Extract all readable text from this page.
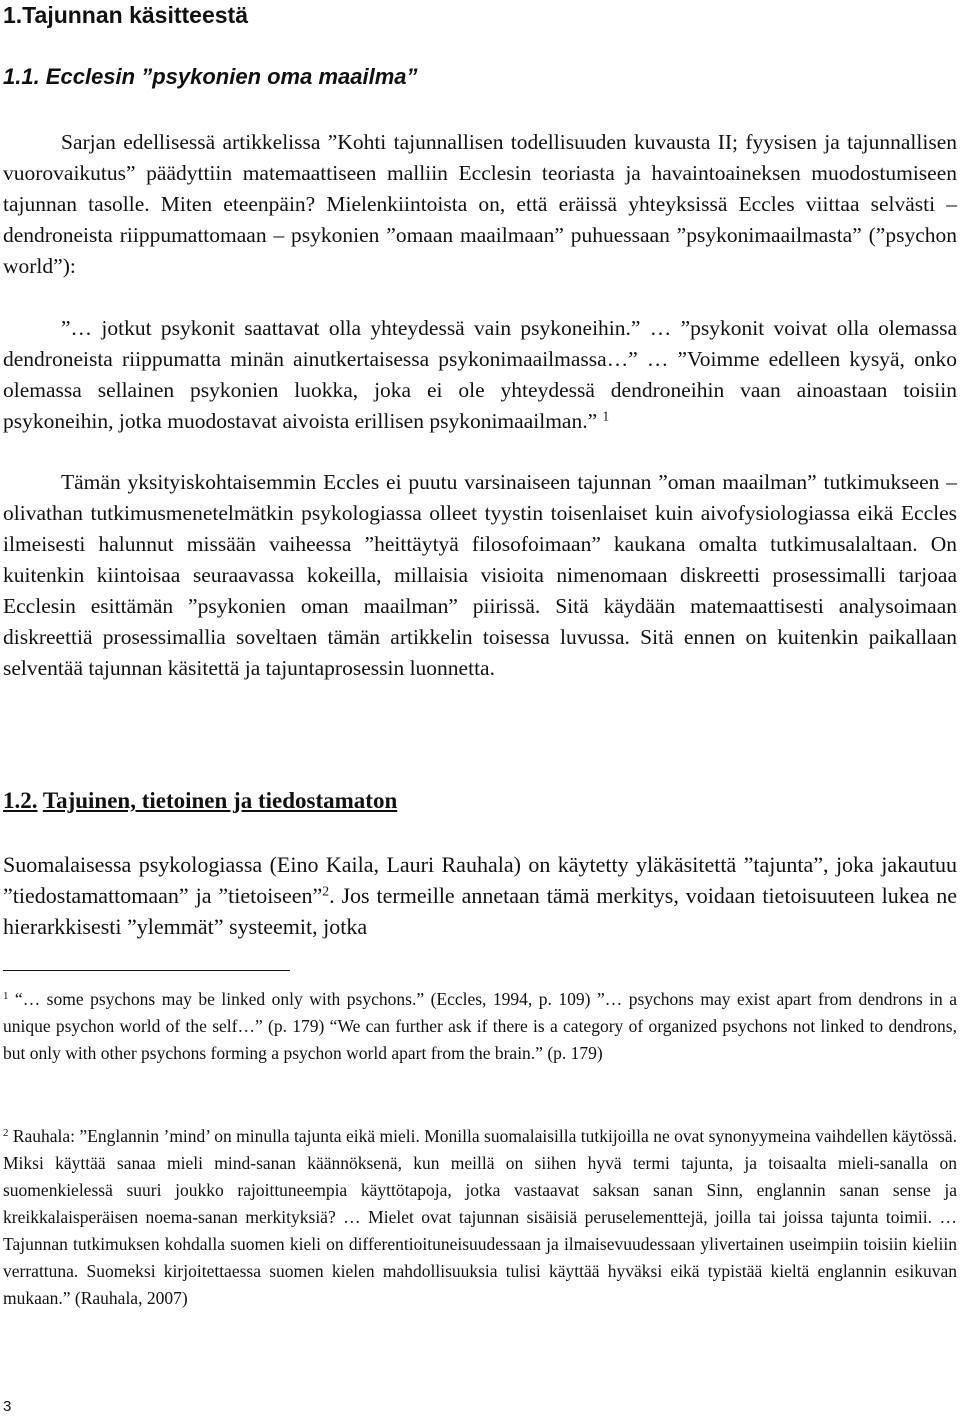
1.Tajunnan käsitteestä
1.1. Ecclesin ”psykonien oma maailma”

Sarjan edellisessä artikkelissa ”Kohti tajunnallisen todellisuuden kuvausta II; fyysisen ja tajunnallisen vuorovaikutus” päädyttiin matemaattiseen malliin Ecclesin teoriasta ja havaintoaineksen muodostumiseen tajunnan tasolle. Miten eteenpäin? Mielenkiintoista on, että eräissä yhteyksissä Eccles viittaa selvästi – dendroneista riippumattomaan – psykonien ”omaan maailmaan” puhuessaan ”psykonimaailmasta” (”psychon world”):

”… jotkut psykonit saattavat olla yhteydessä vain psykoneihin.” … ”psykonit voivat olla olemassa dendroneista riippumatta minän ainutkertaisessa psykonimaailmassa…” … ”Voimme edelleen kysyä, onko olemassa sellainen psykonien luokka, joka ei ole yhteydessä dendroneihin vaan ainoastaan toisiin psykoneihin, jotka muodostavat aivoista erillisen psykonimaailman.” $^1$

Tämän yksityiskohtaisemmin Eccles ei puutu varsinaiseen tajunnan ”oman maailman” tutkimukseen – olivathan tutkimusmenetelmätkin psykologiassa olleet tyystin toisenlaiset kuin aivofysiologiassa eikä Eccles ilmeisesti halunnut missään vaiheessa ”heittäytyä filosofoimaan” kaukana omalta tutkimusalaltaan. On kuitenkin kiintoisaa seuraavassa kokeilla, millaisia visioita nimenomaan diskreetti prosessimalli tarjoaa Ecclesin esittämän ”psykonien oman maailman” piirissä. Sitä käydään matemaattisesti analysoimaan diskreettiä prosessimallia soveltaen tämän artikkelin toisessa luvussa. Sitä ennen on kuitenkin paikallaan selventää tajunnan käsitettä ja tajuntaprosessin luonnetta.

1.2. Tajuinen, tietoinen ja tiedostamaton

Suomalaisessa psykologiassa (Eino Kaila, Lauri Rauhala) on käytetty yläkäsitettä ”tajunta”, joka jakautuu ”tiedostamattomaan” ja ”tietoiseen”$^2$. Jos termeille annetaan tämä merkitys, voidaan tietoisuuteen lukea ne hierarkkisesti ”ylemmät” systeemit, jotka

$^1$ “… some psychons may be linked only with psychons.” (Eccles, 1994, p. 109) ”… psychons may exist apart from dendrons in a unique psychon world of the self…” (p. 179) “We can further ask if there is a category of organized psychons not linked to dendrons, but only with other psychons forming a psychon world apart from the brain.” (p. 179)

$^2$ Rauhala: ”Englannin ’mind’ on minulla tajunta eikä mieli. Monilla suomalaisilla tutkijoilla ne ovat synonyymeina vaihdellen käytössä. Miksi käyttää sanaa mieli mind-sanan käännöksenä, kun meillä on siihen hyvä termi tajunta, ja toisaalta mieli-sanalla on suomenkielessä suuri joukko rajoittuneempia käyttötapoja, jotka vastaavat saksan sanan Sinn, englannin sanan sense ja kreikkalaisperäisen noema-sanan merkityksiä? … Mielet ovat tajunnan sisäisiä peruselementtejä, joilla tai joissa tajunta toimii. … Tajunnan tutkimuksen kohdalla suomen kieli on differentioituneisuudessaan ja ilmaisevuudessaan ylivertainen useimpiin toisiin kieliin verrattuna. Suomeksi kirjoitettaessa suomen kielen mahdollisuuksia tulisi käyttää hyväksi eikä typistää kieltä englannin esikuvan mukaan.” (Rauhala, 2007)

3
